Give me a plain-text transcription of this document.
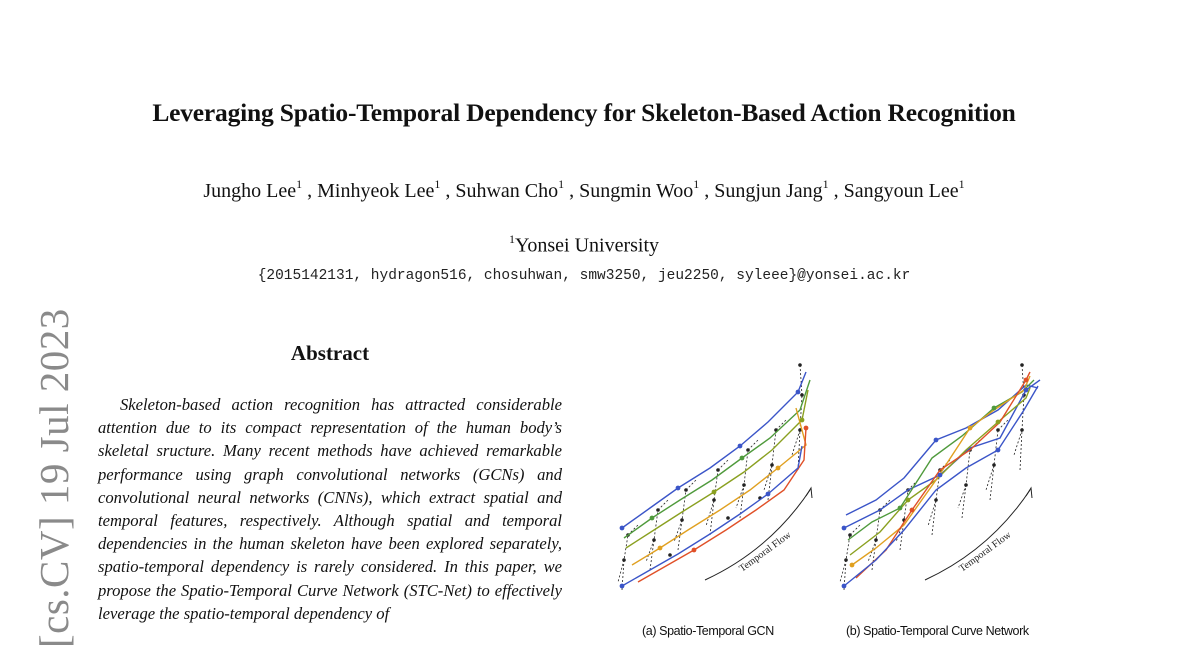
Leveraging Spatio-Temporal Dependency for Skeleton-Based Action Recognition
Jungho Lee$^1$ , Minhyeok Lee$^1$ , Suhwan Cho$^1$ , Sungmin Woo$^1$ , Sungjun Jang$^1$ , Sangyoun Lee$^1$
$^1$Yonsei University
{2015142131, hydragon516, chosuhwan, smw3250, jeu2250, syleee}@yonsei.ac.kr
[cs.CV] 19 Jul 2023	Abstract
Skeleton-based action recognition has attracted considerable attention due to its compact representation of the human body’s skeletal sructure. Many recent methods have achieved remarkable performance using graph convolutional networks (GCNs) and convolutional neural networks (CNNs), which extract spatial and temporal features, respectively. Although spatial and temporal dependencies in the human skeleton have been explored separately, spatio-temporal dependency is rarely considered. In this paper, we propose the Spatio-Temporal Curve Network (STC-Net) to effectively leverage the spatio-temporal dependency of
Temporal Flow	Temporal Flow
(a) Spatio-Temporal GCN	(b) Spatio-Temporal Curve Network
